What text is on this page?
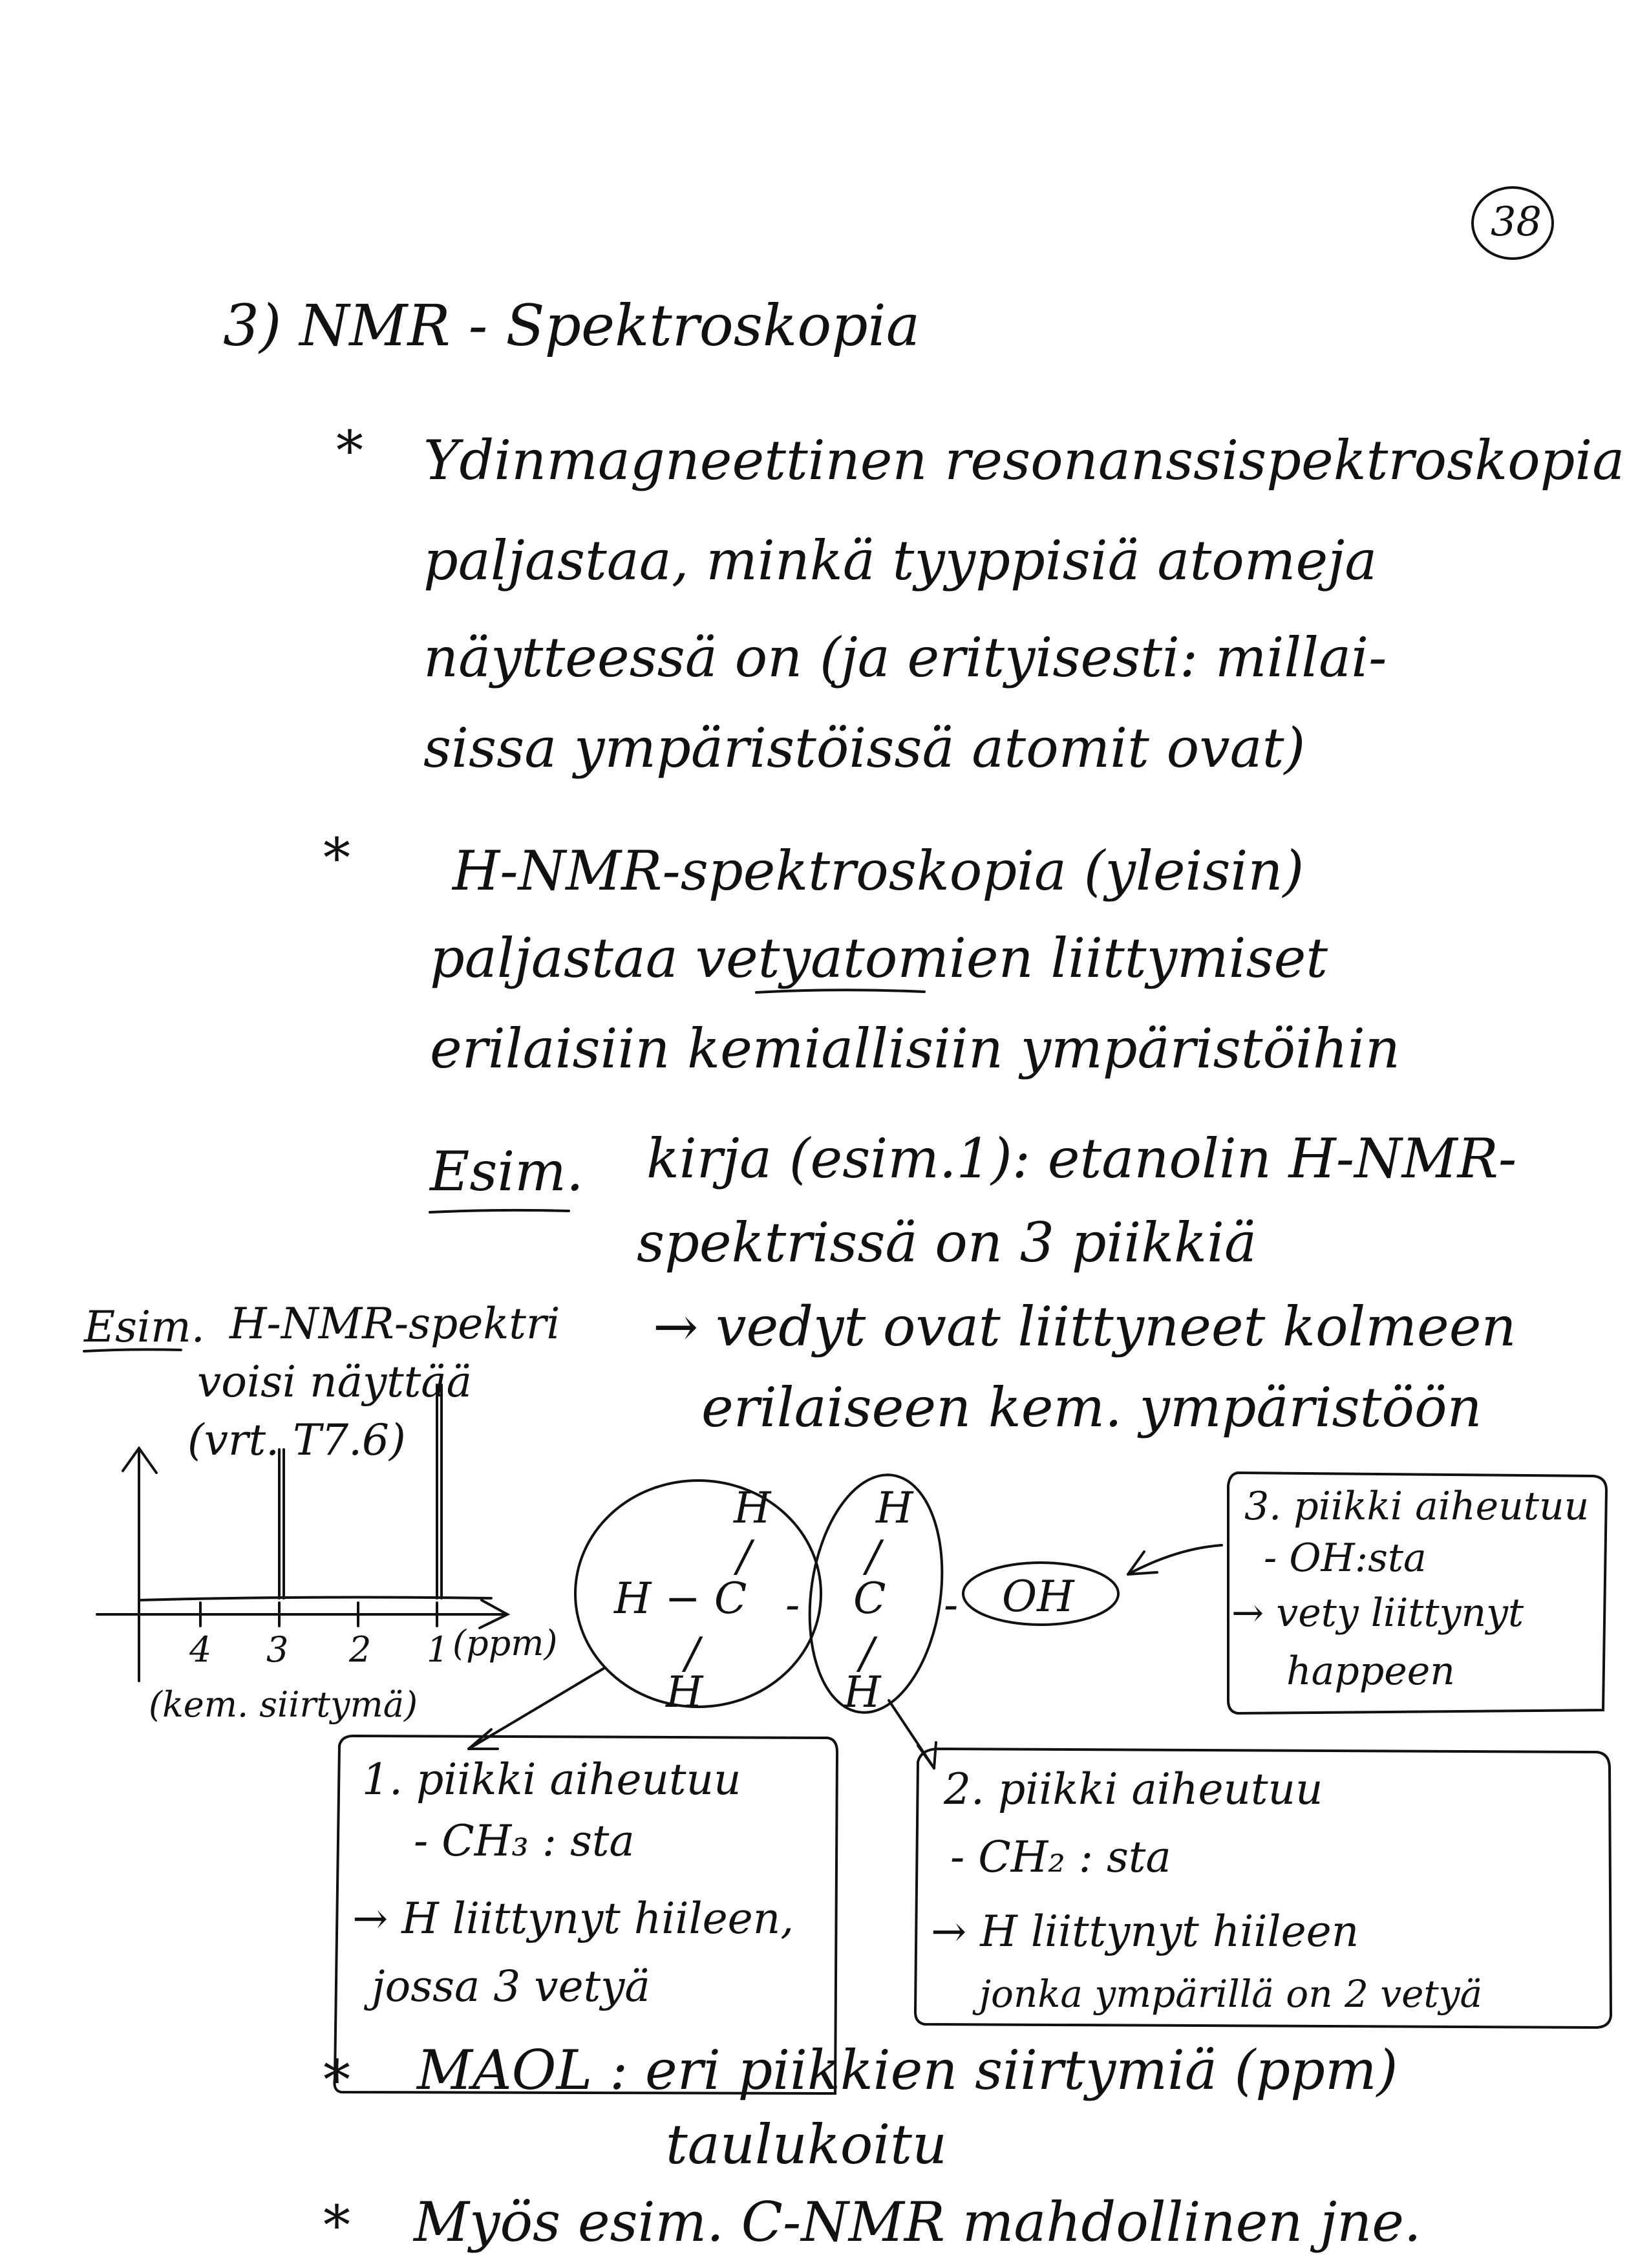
38
3) NMR - Spektroskopia
* Ydinmagneettinen resonanssispektroskopia
paljastaa, minkä tyyppisiä atomeja
näytteessä on (ja erityisesti: millai-
sissa ympäristöissä atomit ovat)
* H-NMR-spektroskopia (yleisin)
paljastaa vetyatomien liittymiset
erilaisiin kemiallisiin ympäristöihin
Esim. kirja (esim.1): etanolin H-NMR-
spektrissä on 3 piikkiä
→ vedyt ovat liittyneet kolmeen
erilaiseen kem. ympäristöön
Esim. H-NMR-spektri
voisi näyttää
(vrt. T7.6)
4 3 2 1 (ppm)
(kem. siirtymä)
H
/
H − C
/
H
-
H
/
C
/
H
- OH
3. piikki aiheutuu
- OH:sta
→ vety liittynyt
happeen
1. piikki aiheutuu
- CH₃ : sta
→ H liittynyt hiileen,
jossa 3 vetyä
2. piikki aiheutuu
- CH₂ : sta
→ H liittynyt hiileen
jonka ympärillä on 2 vetyä
* MAOL : eri piikkien siirtymiä (ppm)
taulukoitu
* Myös esim. C-NMR mahdollinen jne.
